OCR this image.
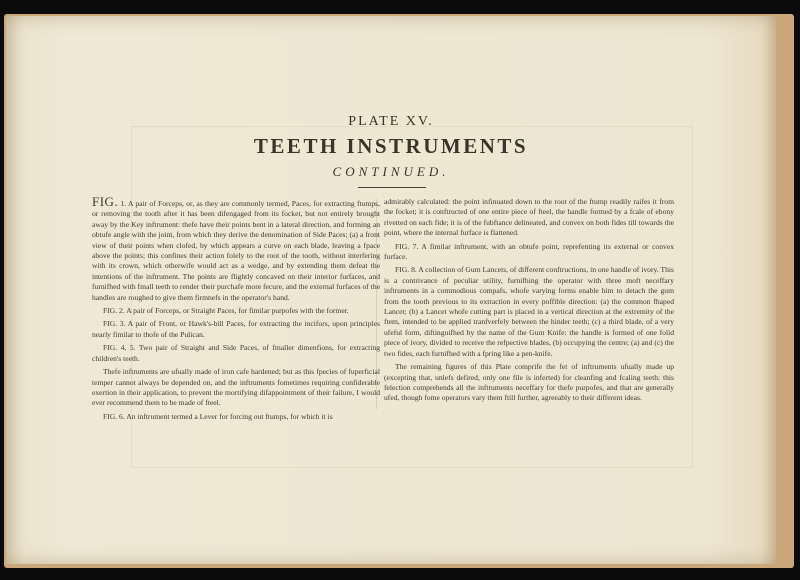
PLATE XV.
TEETH INSTRUMENTS
CONTINUED.

FIG. 1. A pair of Forceps, or, as they are commonly termed, Paces, for extracting ftumps, or removing the tooth after it has been difengaged from its focket, but not entirely brought away by the Key inftrument: thefe have their points bent in a lateral direction, and forming an obtufe angle with the joint, from which they derive the denomination of Side Paces; (a) a front view of their points when clofed, by which appears a curve on each blade, leaving a fpace above the points; this confines their action folely to the root of the tooth, without interfering with its crown, which otherwife would act as a wedge, and by extending them defeat the intentions of the inftrument. The points are flightly concaved on their interior furfaces, and furnifhed with fmall teeth to render their purchafe more fecure, and the external furfaces of the handles are roughed to give them firmnefs in the operator's hand.

FIG. 2. A pair of Forceps, or Straight Paces, for fimilar purpofes with the former.

FIG. 3. A pair of Front, or Hawk's-bill Paces, for extracting the incifors, upon principles nearly fimilar to thofe of the Pulican.

FIG. 4, 5. Two pair of Straight and Side Paces, of fmaller dimenfions, for extracting children's teeth.

Thefe inftruments are ufually made of iron cafe hardened; but as this fpecies of fuperficial temper cannot always be depended on, and the inftruments fometimes requiring confiderable exertion in their application, to prevent the mortifying difappointment of their failure, I would ever recommend them to be made of fteel.

FIG. 6. An inftrument termed a Lever for forcing out ftumps, for which it is

admirably calculated: the point infinuated down to the root of the ftump readily raifes it from the focket; it is conftructed of one entire piece of fteel, the handle formed by a fcale of ebony rivetted on each fide; it is of the fubftance delineated, and convex on both fides till towards the point, where the internal furface is flattened.

FIG. 7. A fimilar inftrument, with an obtufe point, reprefenting its external or convex furface.

FIG. 8. A collection of Gum Lancets, of different conftructions, in one handle of ivory. This is a contrivance of peculiar utility, furnifhing the operator with three moft neceffary inftruments in a commodious compafs, whofe varying forms enable him to detach the gum from the tooth previous to its extraction in every poffible direction: (a) the common fhaped Lancet; (b) a Lancet whofe cutting part is placed in a vertical direction at the extremity of the ftem, intended to be applied tranfverfely between the hinder teeth; (c) a third blade, of a very ufeful form, diftinguifhed by the name of the Gum Knife: the handle is formed of one folid piece of ivory, divided to receive the refpective blades, (b) occupying the centre; (a) and (c) the two fides, each furnifhed with a fpring like a pen-knife.

The remaining figures of this Plate comprife the fet of inftruments ufually made up (excepting that, unlefs defired, only one file is inferted) for cleanfing and fcaling teeth: this felection comprehends all the inftruments neceffary for thefe purpofes, and that are generally ufed, though fome operators vary them ftill further, agreeably to their different ideas.
